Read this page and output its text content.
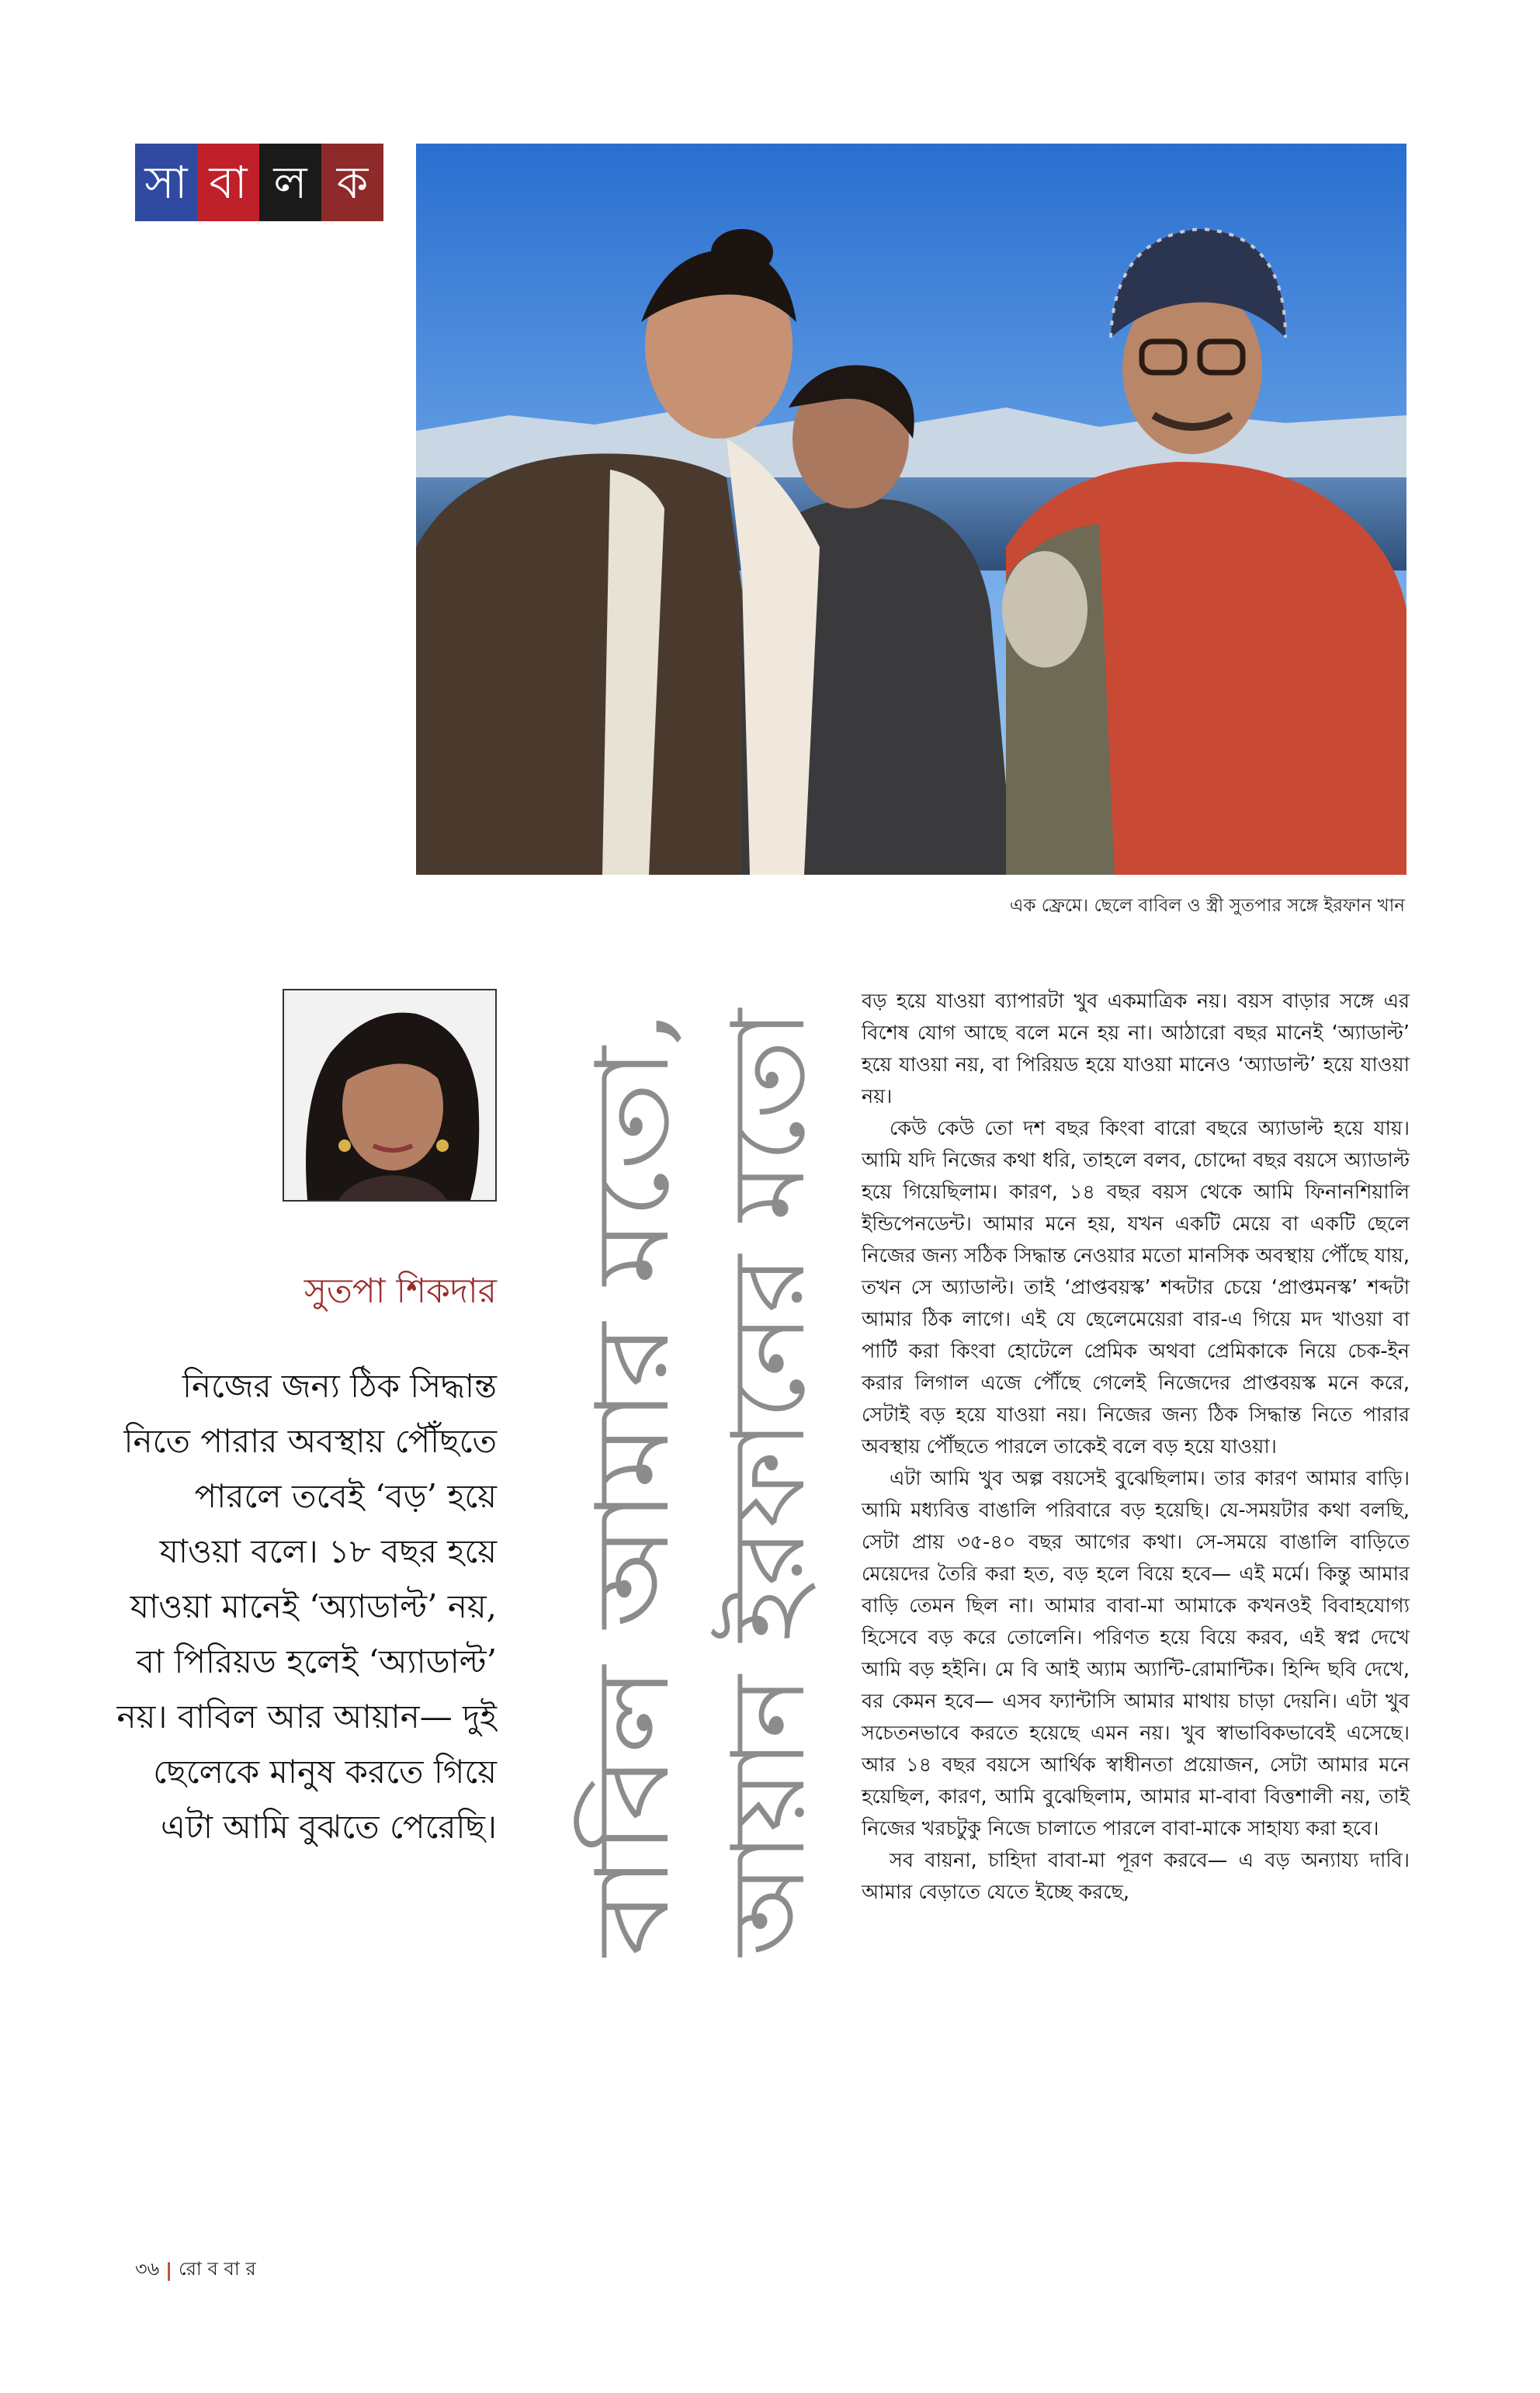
সা বা ল ক
এক ফ্রেমে। ছেলে বাবিল ও স্ত্রী সুতপার সঙ্গে ইরফান খান
সুতপা শিকদার
নিজের জন্য ঠিক সিদ্ধান্ত নিতে পারার অবস্থায় পৌঁছতে পারলে তবেই ‘বড়’ হয়ে যাওয়া বলে। ১৮ বছর হয়ে যাওয়া মানেই ‘অ্যাডাল্ট’ নয়, বা পিরিয়ড হলেই ‘অ্যাডাল্ট’ নয়। বাবিল আর আয়ান— দুই ছেলেকে মানুষ করতে গিয়ে এটা আমি বুঝতে পেরেছি। বাবিল আমার মতো, আয়ান ইরফানের মতো

বড় হয়ে যাওয়া ব্যাপারটা খুব একমাত্রিক নয়। বয়স বাড়ার সঙ্গে এর বিশেষ যোগ আছে বলে মনে হয় না। আঠারো বছর মানেই ‘অ্যাডাল্ট’ হয়ে যাওয়া নয়, বা পিরিয়ড হয়ে যাওয়া মানেও ‘অ্যাডাল্ট’ হয়ে যাওয়া নয়।

কেউ কেউ তো দশ বছর কিংবা বারো বছরে অ্যাডাল্ট হয়ে যায়। আমি যদি নিজের কথা ধরি, তাহলে বলব, চোদ্দো বছর বয়সে অ্যাডাল্ট হয়ে গিয়েছিলাম। কারণ, ১৪ বছর বয়স থেকে আমি ফিনানশিয়ালি ইন্ডিপেনডেন্ট। আমার মনে হয়, যখন একটি মেয়ে বা একটি ছেলে নিজের জন্য সঠিক সিদ্ধান্ত নেওয়ার মতো মানসিক অবস্থায় পৌঁছে যায়, তখন সে অ্যাডাল্ট। তাই ‘প্রাপ্তবয়স্ক’ শব্দটার চেয়ে ‘প্রাপ্তমনস্ক’ শব্দটা আমার ঠিক লাগে। এই যে ছেলেমেয়েরা বার-এ গিয়ে মদ খাওয়া বা পার্টি করা কিংবা হোটেলে প্রেমিক অথবা প্রেমিকাকে নিয়ে চেক-ইন করার লিগাল এজে পৌঁছে গেলেই নিজেদের প্রাপ্তবয়স্ক মনে করে, সেটাই বড় হয়ে যাওয়া নয়। নিজের জন্য ঠিক সিদ্ধান্ত নিতে পারার অবস্থায় পৌঁছতে পারলে তাকেই বলে বড় হয়ে যাওয়া।

এটা আমি খুব অল্প বয়সেই বুঝেছিলাম। তার কারণ আমার বাড়ি। আমি মধ্যবিত্ত বাঙালি পরিবারে বড় হয়েছি। যে-সময়টার কথা বলছি, সেটা প্রায় ৩৫-৪০ বছর আগের কথা। সে-সময়ে বাঙালি বাড়িতে মেয়েদের তৈরি করা হত, বড় হলে বিয়ে হবে— এই মর্মে। কিন্তু আমার বাড়ি তেমন ছিল না। আমার বাবা-মা আমাকে কখনওই বিবাহযোগ্য হিসেবে বড় করে তোলেনি। পরিণত হয়ে বিয়ে করব, এই স্বপ্ন দেখে আমি বড় হইনি। মে বি আই অ্যাম অ্যান্টি-রোমান্টিক। হিন্দি ছবি দেখে, বর কেমন হবে— এসব ফ্যান্টাসি আমার মাথায় চাড়া দেয়নি। এটা খুব সচেতনভাবে করতে হয়েছে এমন নয়। খুব স্বাভাবিকভাবেই এসেছে। আর ১৪ বছর বয়সে আর্থিক স্বাধীনতা প্রয়োজন, সেটা আমার মনে হয়েছিল, কারণ, আমি বুঝেছিলাম, আমার মা-বাবা বিত্তশালী নয়, তাই নিজের খরচটুকু নিজে চালাতে পারলে বাবা-মাকে সাহায্য করা হবে।

সব বায়না, চাহিদা বাবা-মা পূরণ করবে— এ বড় অন্যায্য দাবি। আমার বেড়াতে যেতে ইচ্ছে করছে,

৩৬ | রো ব বা র
